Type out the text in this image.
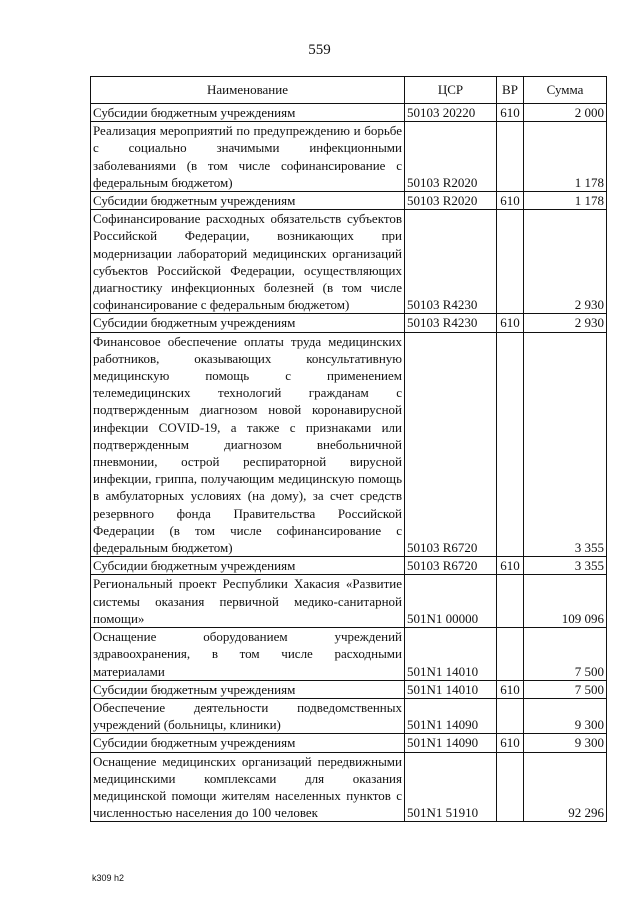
559
Наименование	ЦСР	ВР	Сумма
Субсидии бюджетным учреждениям	50103 20220	610	2 000
Реализация мероприятий по предупреждению и борьбе с социально значимыми инфекционными заболеваниями (в том числе софинансирование с федеральным бюджетом)	50103 R2020		1 178
Субсидии бюджетным учреждениям	50103 R2020	610	1 178
Софинансирование расходных обязательств субъектов Российской Федерации, возникающих при модернизации лабораторий медицинских организаций субъектов Российской Федерации, осуществляющих диагностику инфекционных болезней (в том числе софинансирование с федеральным бюджетом)	50103 R4230		2 930
Субсидии бюджетным учреждениям	50103 R4230	610	2 930
Финансовое обеспечение оплаты труда медицинских работников, оказывающих консультативную медицинскую помощь с применением телемедицинских технологий гражданам с подтвержденным диагнозом новой коронавирусной инфекции COVID-19, а также с признаками или подтвержденным диагнозом внебольничной пневмонии, острой респираторной вирусной инфекции, гриппа, получающим медицинскую помощь в амбулаторных условиях (на дому), за счет средств резервного фонда Правительства Российской Федерации (в том числе софинансирование с федеральным бюджетом)	50103 R6720		3 355
Субсидии бюджетным учреждениям	50103 R6720	610	3 355
Региональный проект Республики Хакасия «Развитие системы оказания первичной медико-санитарной помощи»	501N1 00000		109 096
Оснащение оборудованием учреждений здравоохранения, в том числе расходными материалами	501N1 14010		7 500
Субсидии бюджетным учреждениям	501N1 14010	610	7 500
Обеспечение деятельности подведомственных учреждений (больницы, клиники)	501N1 14090		9 300
Субсидии бюджетным учреждениям	501N1 14090	610	9 300
Оснащение медицинских организаций передвижными медицинскими комплексами для оказания медицинской помощи жителям населенных пунктов с численностью населения до 100 человек	501N1 51910		92 296
k309 h2
